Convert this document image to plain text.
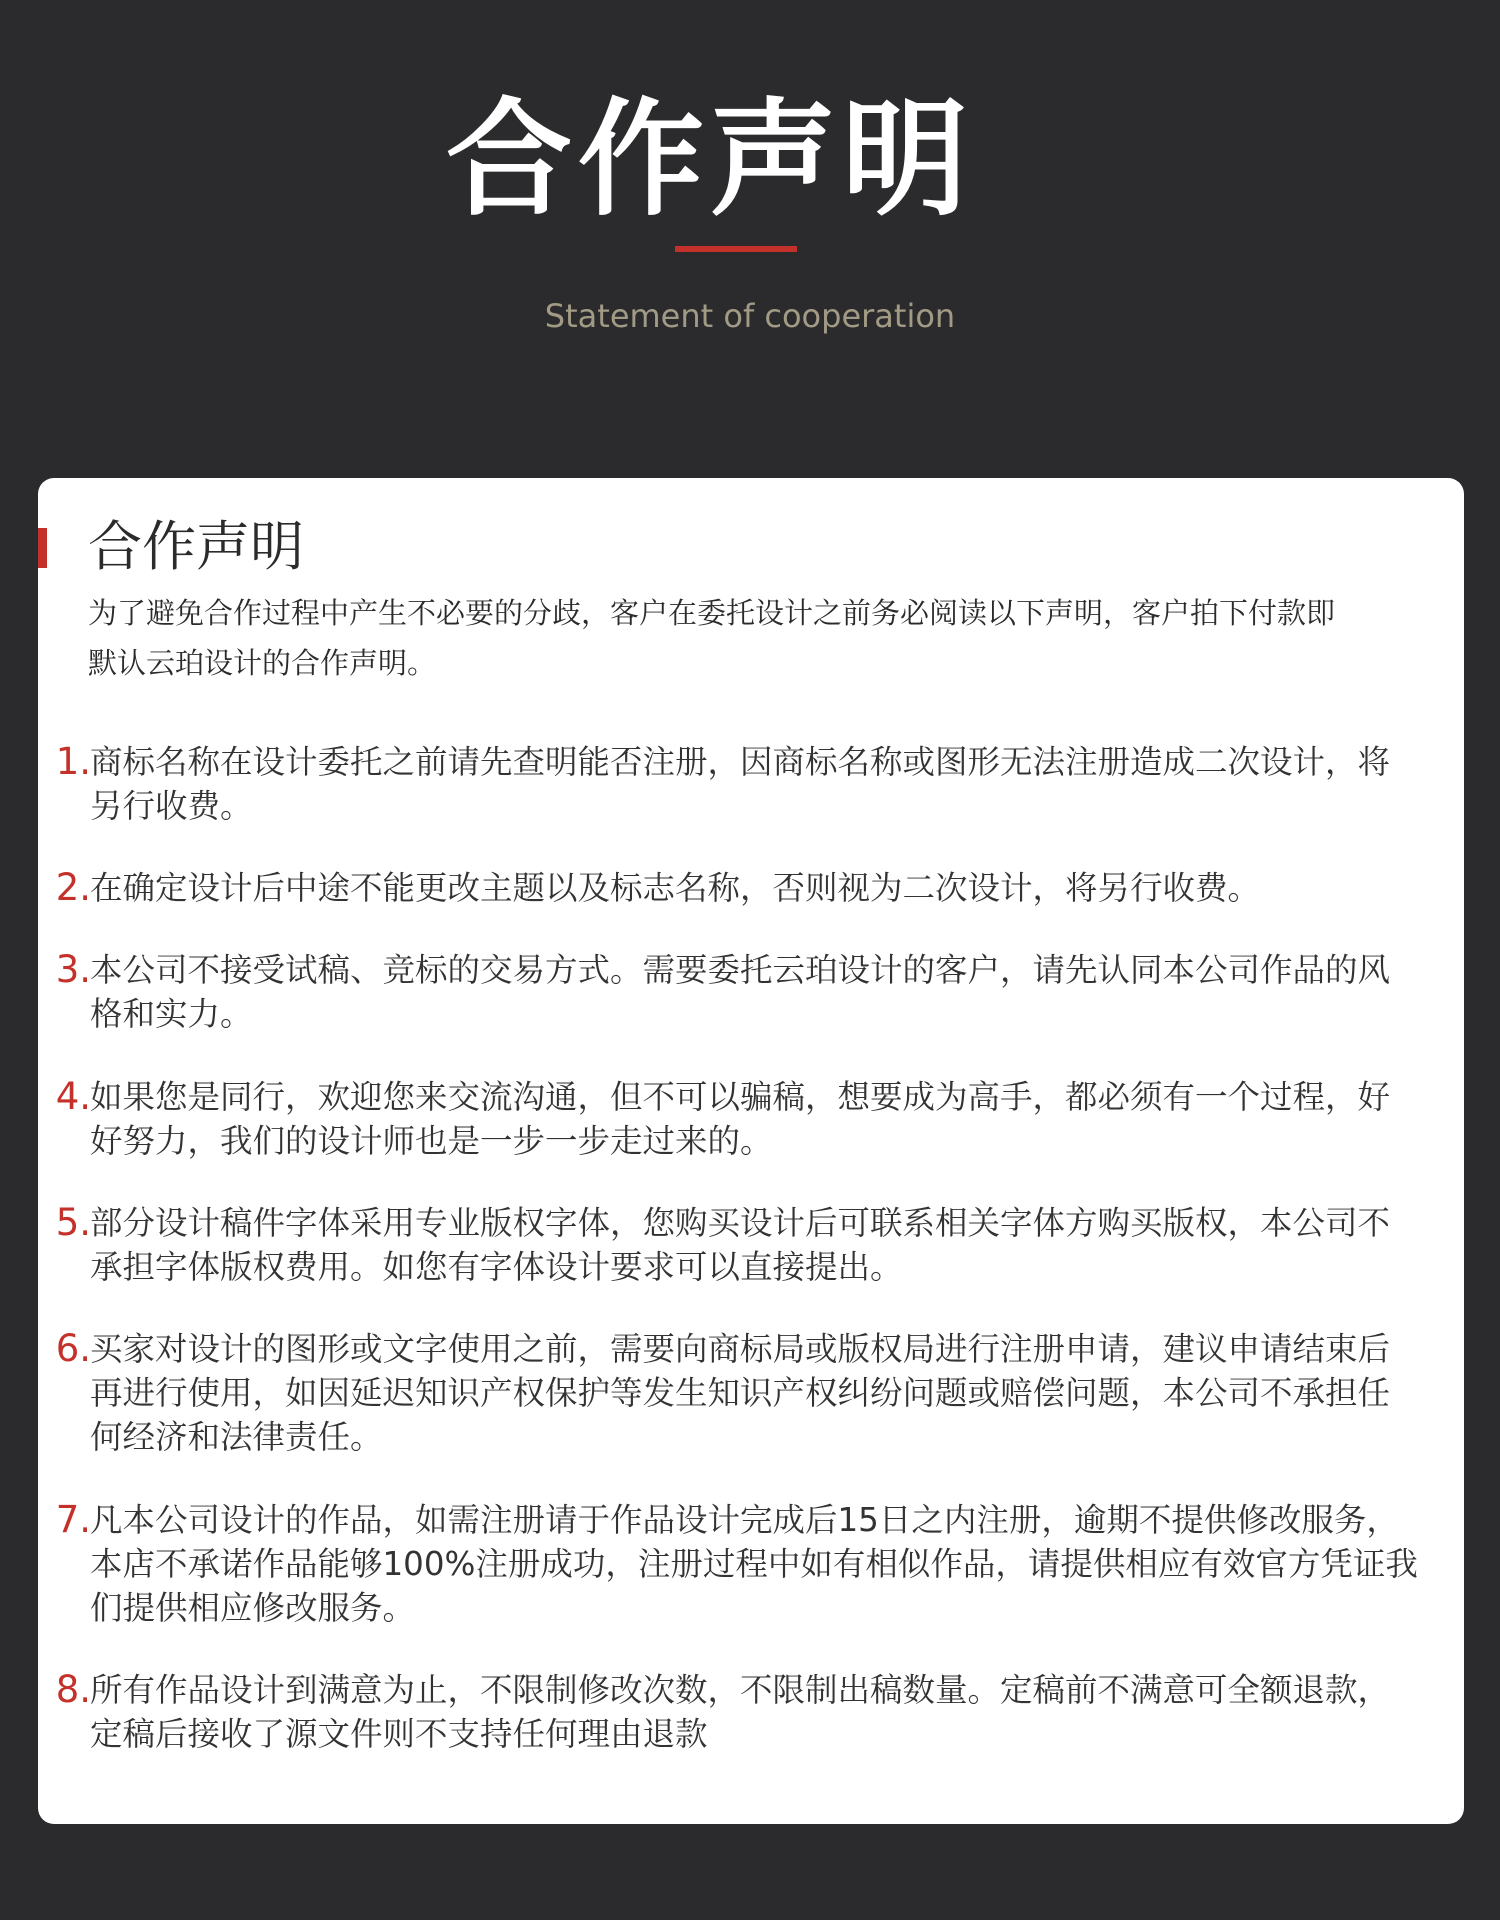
合作声明
Statement of cooperation
合作声明

为了避免合作过程中产生不必要的分歧，客户在委托设计之前务必阅读以下声明，客户拍下付款即默认云珀设计的合作声明。

1. 商标名称在设计委托之前请先查明能否注册，因商标名称或图形无法注册造成二次设计，将另行收费。

2. 在确定设计后中途不能更改主题以及标志名称，否则视为二次设计，将另行收费。

3. 本公司不接受试稿、竞标的交易方式。需要委托云珀设计的客户，请先认同本公司作品的风格和实力。

4. 如果您是同行，欢迎您来交流沟通，但不可以骗稿，想要成为高手，都必须有一个过程，好好努力，我们的设计师也是一步一步走过来的。

5. 部分设计稿件字体采用专业版权字体，您购买设计后可联系相关字体方购买版权，本公司不承担字体版权费用。如您有字体设计要求可以直接提出。

6. 买家对设计的图形或文字使用之前，需要向商标局或版权局进行注册申请，建议申请结束后再进行使用，如因延迟知识产权保护等发生知识产权纠纷问题或赔偿问题，本公司不承担任何经济和法律责任。

7. 凡本公司设计的作品，如需注册请于作品设计完成后15日之内注册，逾期不提供修改服务，本店不承诺作品能够100%注册成功，注册过程中如有相似作品，请提供相应有效官方凭证我们提供相应修改服务。

8. 所有作品设计到满意为止，不限制修改次数，不限制出稿数量。定稿前不满意可全额退款，定稿后接收了源文件则不支持任何理由退款
